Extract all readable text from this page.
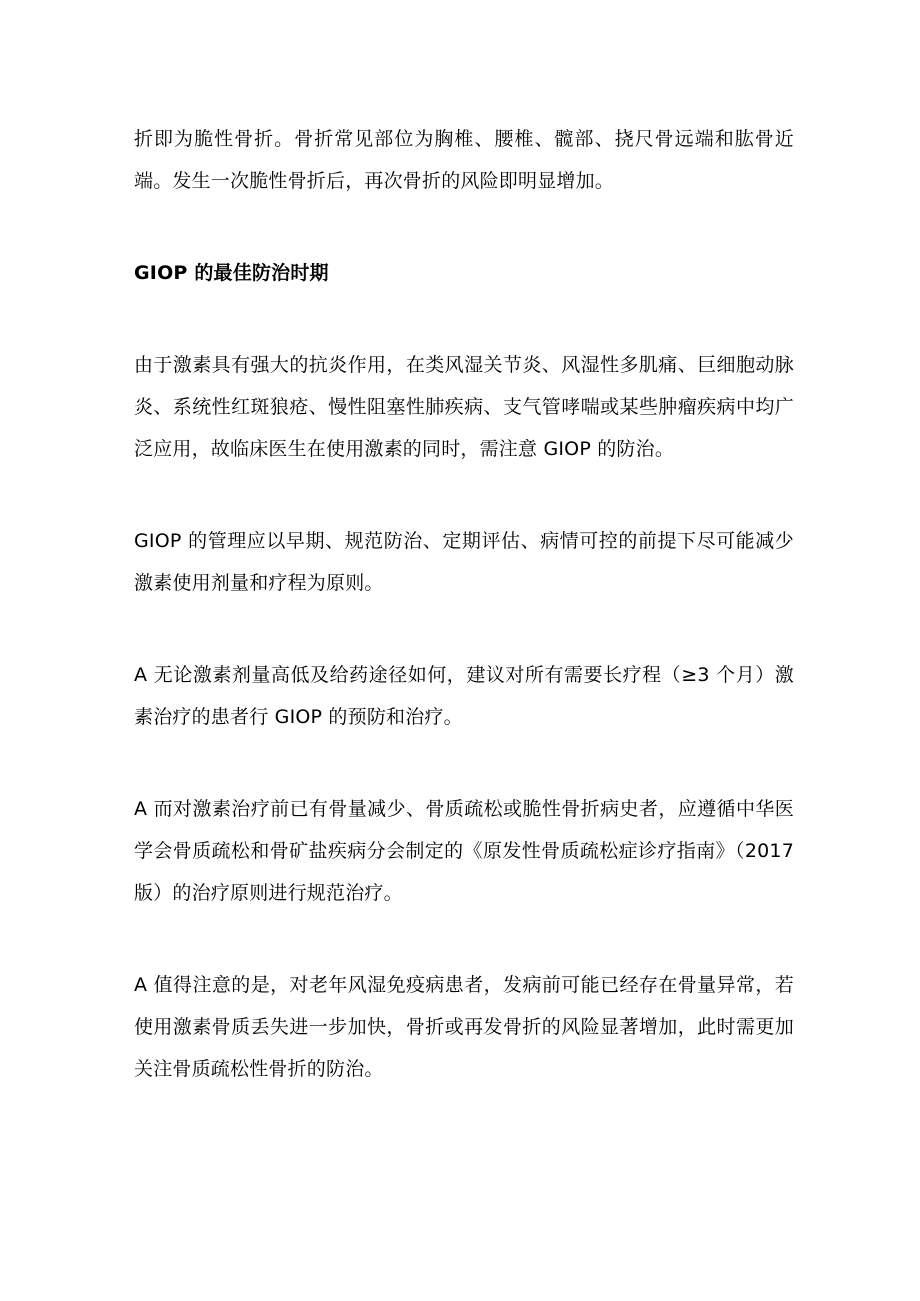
折即为脆性骨折。骨折常见部位为胸椎、腰椎、髋部、挠尺骨远端和肱骨近端。发生一次脆性骨折后，再次骨折的风险即明显增加。

GIOP 的最佳防治时期

由于激素具有强大的抗炎作用，在类风湿关节炎、风湿性多肌痛、巨细胞动脉炎、系统性红斑狼疮、慢性阻塞性肺疾病、支气管哮喘或某些肿瘤疾病中均广泛应用，故临床医生在使用激素的同时，需注意 GIOP 的防治。

GIOP 的管理应以早期、规范防治、定期评估、病情可控的前提下尽可能减少激素使用剂量和疗程为原则。

A 无论激素剂量高低及给药途径如何，建议对所有需要长疗程（≥3 个月）激素治疗的患者行 GIOP 的预防和治疗。

A 而对激素治疗前已有骨量减少、骨质疏松或脆性骨折病史者，应遵循中华医学会骨质疏松和骨矿盐疾病分会制定的《原发性骨质疏松症诊疗指南》（2017 版）的治疗原则进行规范治疗。

A 值得注意的是，对老年风湿免疫病患者，发病前可能已经存在骨量异常，若使用激素骨质丢失进一步加快，骨折或再发骨折的风险显著增加，此时需更加关注骨质疏松性骨折的防治。
